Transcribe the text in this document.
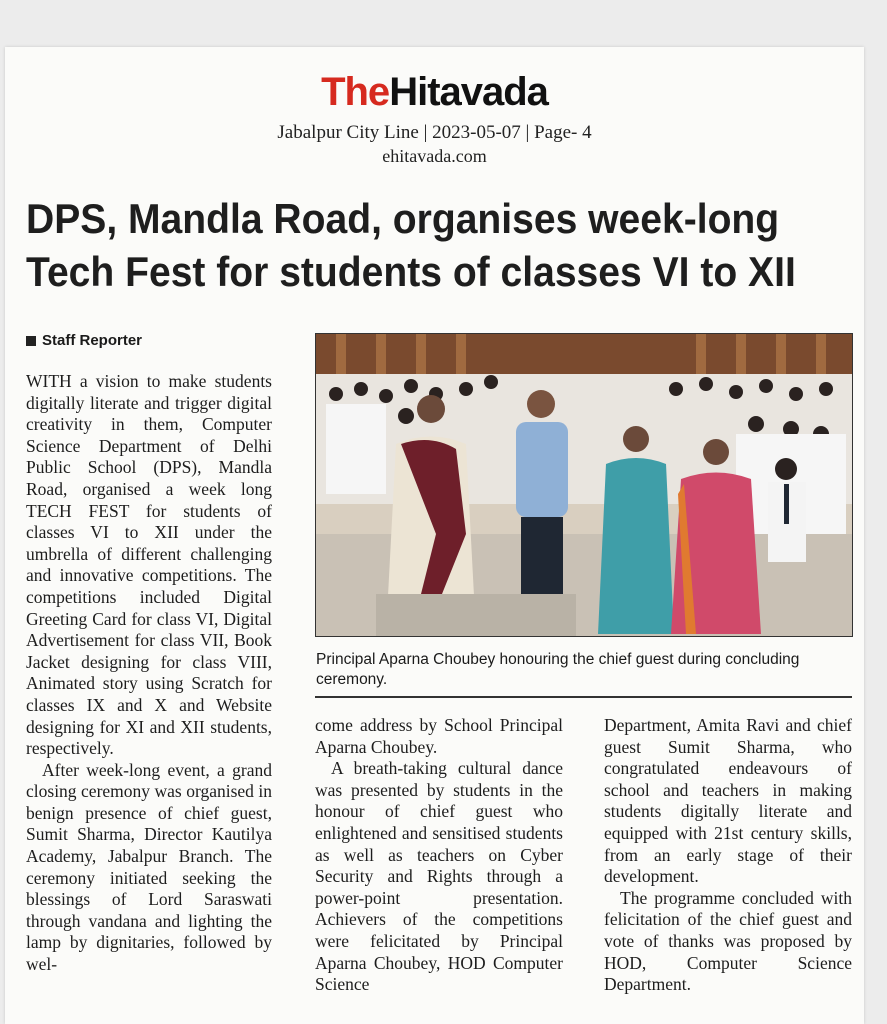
TheHitavada
Jabalpur City Line | 2023-05-07 | Page- 4
ehitavada.com
DPS, Mandla Road, organises week-long
Tech Fest for students of classes VI to XII
Staff Reporter

WITH a vision to make students digitally literate and trigger digital creativity in them, Computer Science Department of Delhi Public School (DPS), Mandla Road, organised a week long TECH FEST for students of classes VI to XII under the umbrella of different challenging and innovative competitions. The competitions included Digital Greeting Card for class VI, Digital Advertisement for class VII, Book Jacket designing for class VIII, Animated story using Scratch for classes IX and X and Website designing for XI and XII students, respectively.

After week-long event, a grand closing ceremony was organised in benign presence of chief guest, Sumit Sharma, Director Kautilya Academy, Jabalpur Branch. The ceremony initiated seeking the blessings of Lord Saraswati through vandana and lighting the lamp by dignitaries, followed by wel-

Principal Aparna Choubey honouring the chief guest during concluding ceremony.

come address by School Principal Aparna Choubey.

A breath-taking cultural dance was presented by students in the honour of chief guest who enlightened and sensitised students as well as teachers on Cyber Security and Rights through a power-point presentation. Achievers of the competitions were felicitated by Principal Aparna Choubey, HOD Computer Science

Department, Amita Ravi and chief guest Sumit Sharma, who congratulated endeavours of school and teachers in making students digitally literate and equipped with 21st century skills, from an early stage of their development.

The programme concluded with felicitation of the chief guest and vote of thanks was proposed by HOD, Computer Science Department.
